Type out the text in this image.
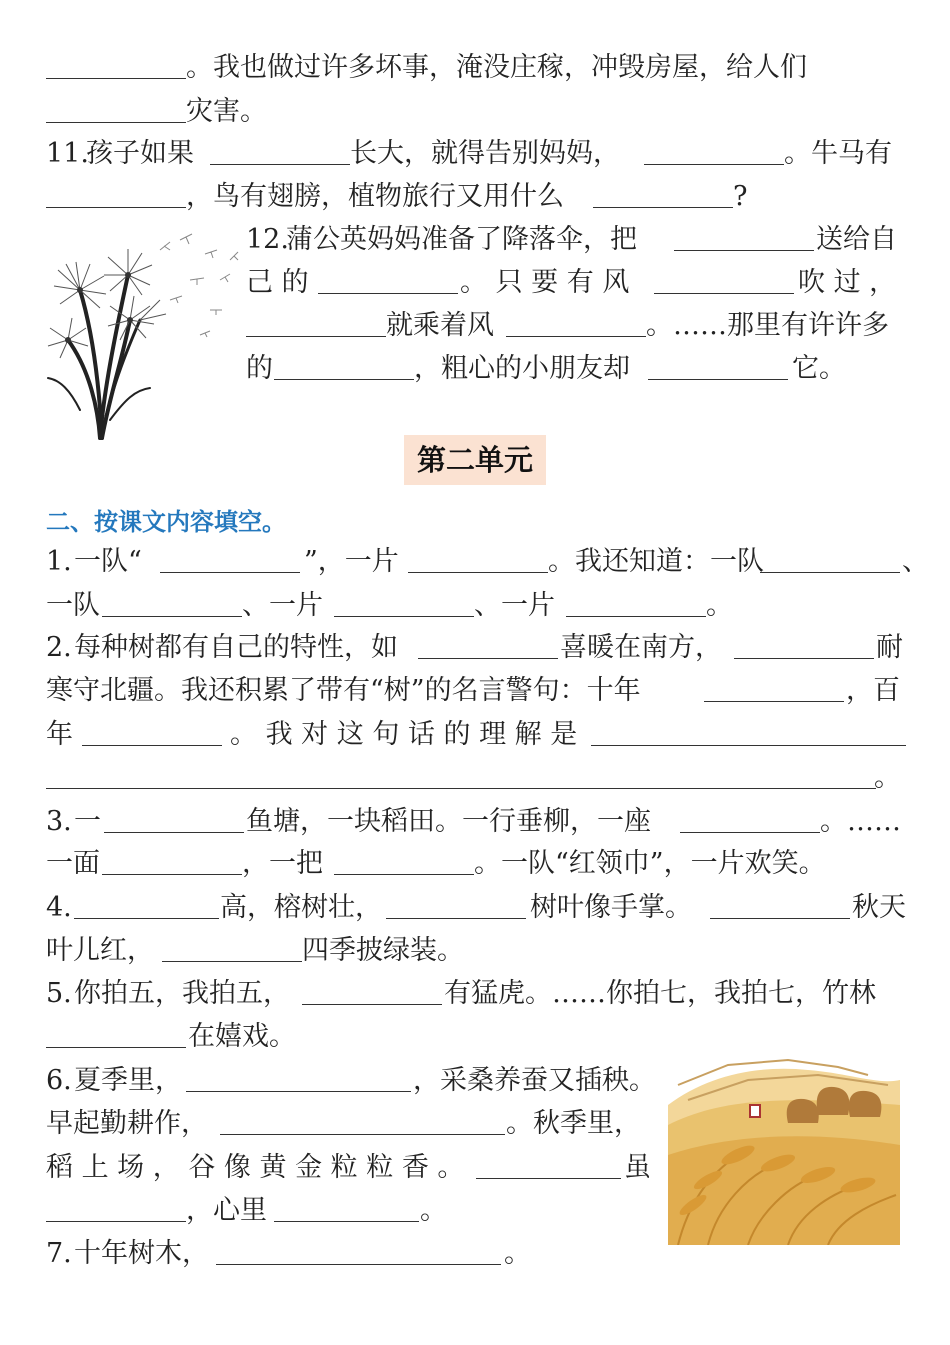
。我也做过许多坏事，淹没庄稼，冲毁房屋，给人们
灾害。
11.
孩子如果	长大，就得告别妈妈，	。牛马有
，鸟有翅膀，植物旅行又用什么	?
12.
蒲公英妈妈准备了降落伞，把	送给自
己 的	。 只 要 有 风	吹 过 ，
就乘着风	。……那里有许许多
的	，粗心的小朋友却	它。
第二单元
二、按课文内容填空。
1. 一队“	”，一片	。我还知道：一队	、
一队	、一片	、一片	。
2. 每种树都有自己的特性，如	喜暖在南方，	耐
寒守北疆。我还积累了带有“树”的名言警句：十年	，百
年	。 我 对 这 句 话 的 理 解 是
。
3. 一	鱼塘，一块稻田。一行垂柳，一座	。……
一面	，一把	。一队“红领巾”，一片欢笑。
4.	高，榕树壮，	树叶像手掌。	秋天
叶儿红，	四季披绿装。
5. 你拍五，我拍五，	有猛虎。……你拍七，我拍七，竹林
在嬉戏。
6. 夏季里，	，采桑养蚕又插秧。
早起勤耕作，	。秋季里，
稻 上 场 ， 谷 像 黄 金 粒 粒 香 。	虽
，心里	。
7. 十年树木，	。
